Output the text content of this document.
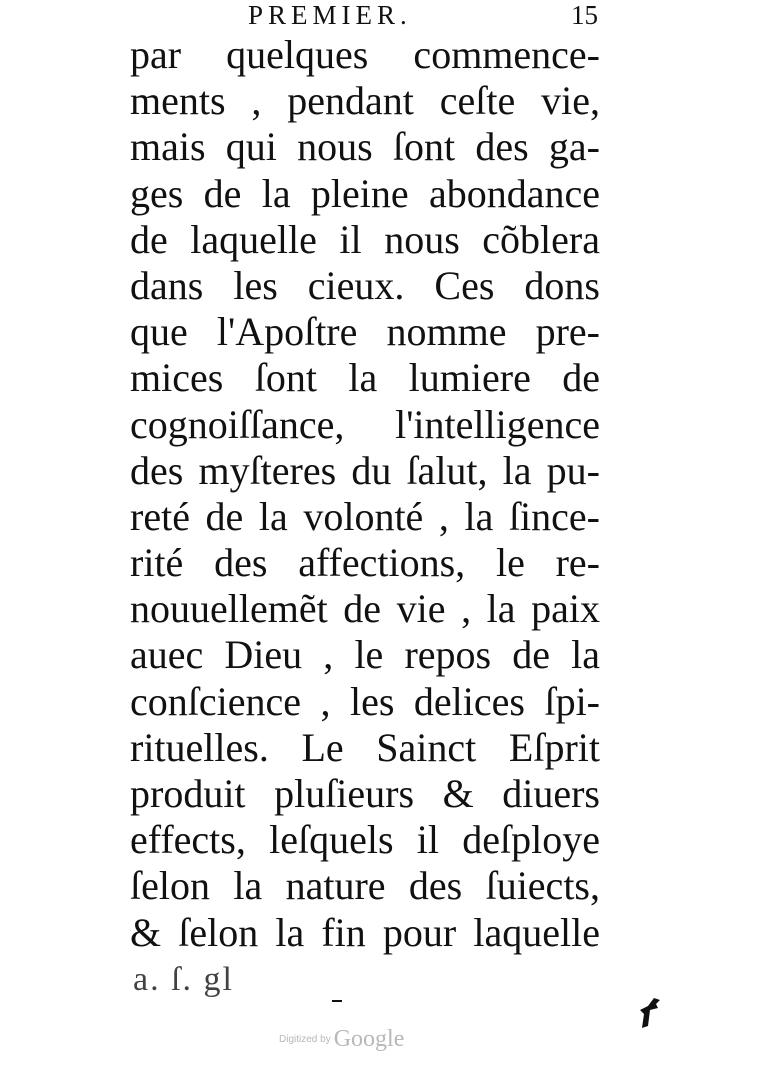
PREMIER.	15
par quelques commence-
ments , pendant ceſte vie,
mais qui nous ſont des ga-
ges de la pleine abondance
de laquelle il nous cõblera
dans les cieux. Ces dons
que l'Apoſtre nomme pre-
mices ſont la lumiere de
cognoiſſance, l'intelligence
des myſteres du ſalut, la pu-
reté de la volonté , la ſince-
rité des affections, le re-
nouuellemẽt de vie , la paix
auec Dieu , le repos de la
conſcience , les delices ſpi-
rituelles. Le Sainct Eſprit
produit pluſieurs & diuers
effects, leſquels il deſploye
ſelon la nature des ſuiects,
& ſelon la fin pour laquelle
a. ſ. gl
Digitized by Google
